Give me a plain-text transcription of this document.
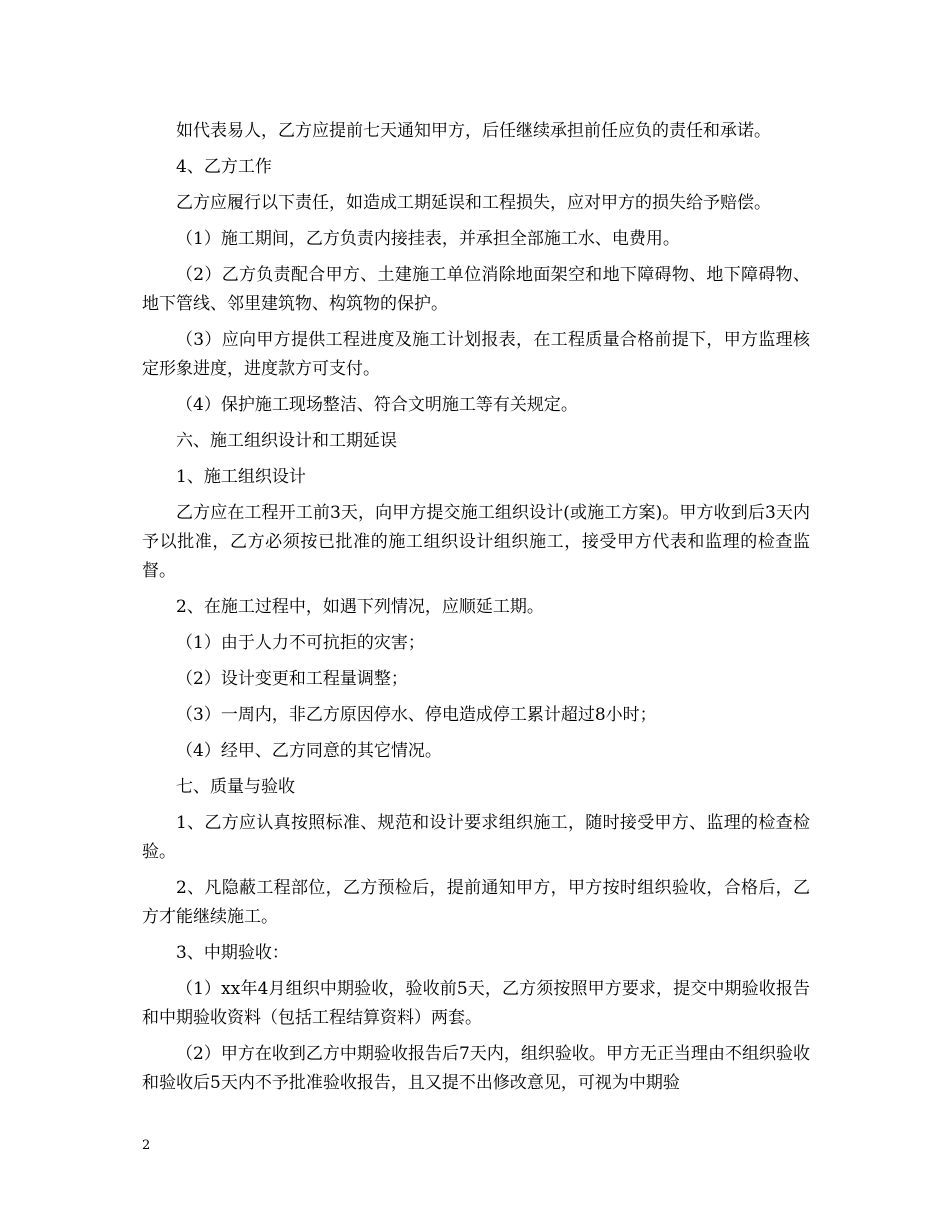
如代表易人，乙方应提前七天通知甲方，后任继续承担前任应负的责任和承诺。

4、乙方工作

乙方应履行以下责任，如造成工期延误和工程损失，应对甲方的损失给予赔偿。

（1）施工期间，乙方负责内接挂表，并承担全部施工水、电费用。

（2）乙方负责配合甲方、土建施工单位消除地面架空和地下障碍物、地下障碍物、地下管线、邻里建筑物、构筑物的保护。

（3）应向甲方提供工程进度及施工计划报表，在工程质量合格前提下，甲方监理核定形象进度，进度款方可支付。

（4）保护施工现场整洁、符合文明施工等有关规定。

六、施工组织设计和工期延误

1、施工组织设计

乙方应在工程开工前3天，向甲方提交施工组织设计(或施工方案)。甲方收到后3天内予以批准，乙方必须按已批准的施工组织设计组织施工，接受甲方代表和监理的检查监督。

2、在施工过程中，如遇下列情况，应顺延工期。

（1）由于人力不可抗拒的灾害；

（2）设计变更和工程量调整；

（3）一周内，非乙方原因停水、停电造成停工累计超过8小时；

（4）经甲、乙方同意的其它情况。

七、质量与验收

1、乙方应认真按照标准、规范和设计要求组织施工，随时接受甲方、监理的检查检验。

2、凡隐蔽工程部位，乙方预检后，提前通知甲方，甲方按时组织验收，合格后，乙方才能继续施工。

3、中期验收：

（1）xx年4月组织中期验收，验收前5天，乙方须按照甲方要求，提交中期验收报告和中期验收资料（包括工程结算资料）两套。

（2）甲方在收到乙方中期验收报告后7天内，组织验收。甲方无正当理由不组织验收和验收后5天内不予批准验收报告，且又提不出修改意见，可视为中期验

2
